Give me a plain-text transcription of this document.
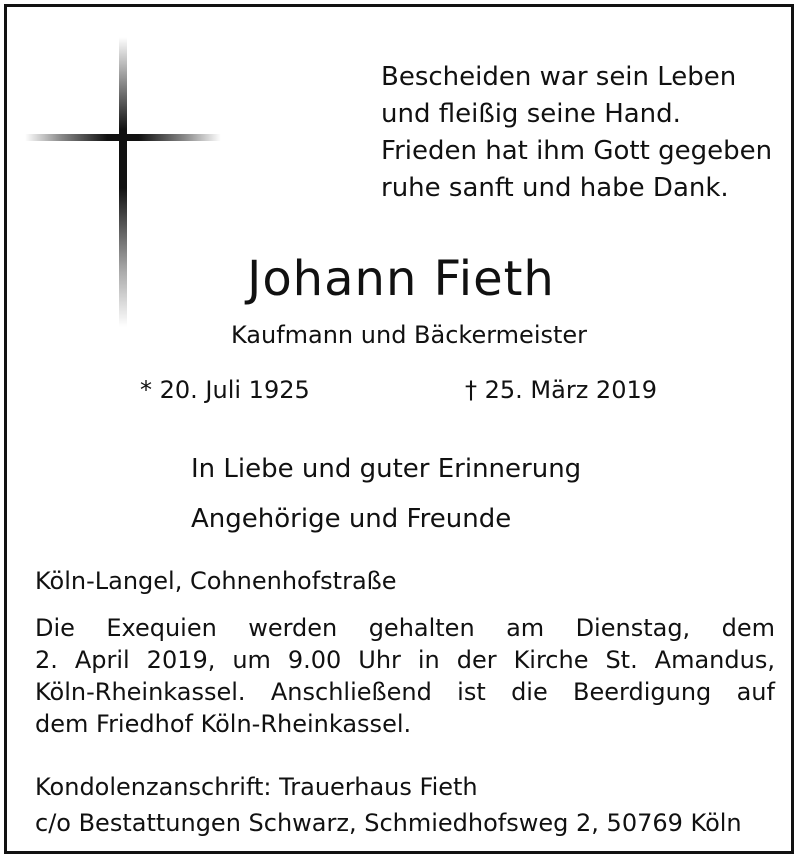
Bescheiden war sein Leben
und fleißig seine Hand.
Frieden hat ihm Gott gegeben
ruhe sanft und habe Dank.
Johann Fieth
Kaufmann und Bäckermeister
* 20. Juli 1925	† 25. März 2019
In Liebe und guter Erinnerung
Angehörige und Freunde
Köln-Langel, Cohnenhofstraße
Die Exequien werden gehalten am Dienstag, dem
2. April 2019, um 9.00 Uhr in der Kirche St. Amandus,
Köln-Rheinkassel. Anschließend ist die Beerdigung auf
dem Friedhof Köln-Rheinkassel.
Kondolenzanschrift: Trauerhaus Fieth
c/o Bestattungen Schwarz, Schmiedhofsweg 2, 50769 Köln
